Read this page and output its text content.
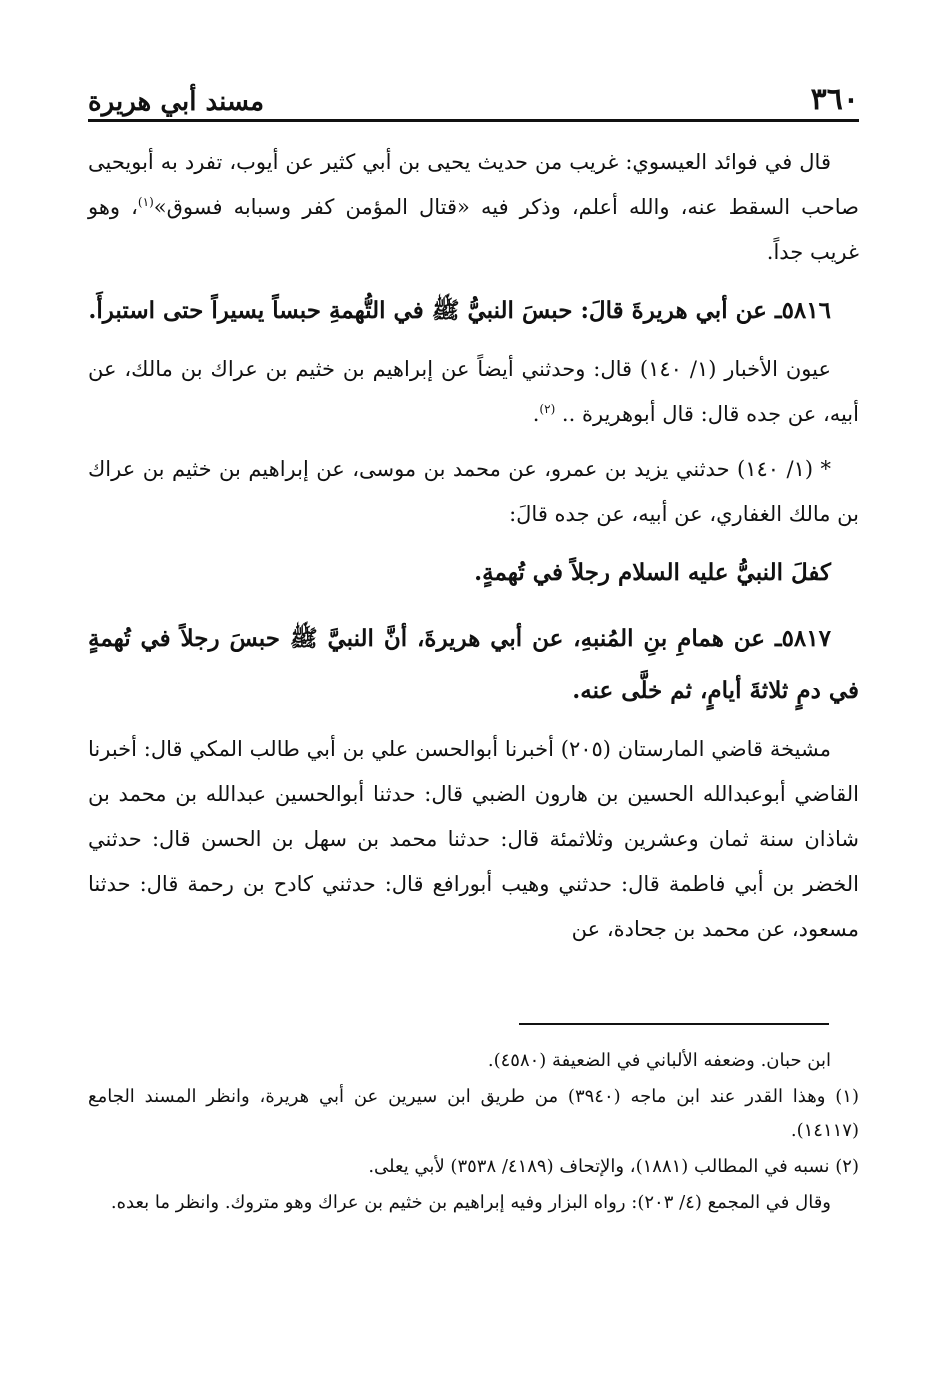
٣٦٠
مسند أبي هريرة

قال في فوائد العيسوي: غريب من حديث يحيى بن أبي كثير عن أيوب، تفرد به أبويحيى صاحب السقط عنه، والله أعلم، وذكر فيه «قتال المؤمن كفر وسبابه فسوق»$^{(١)}$، وهو غريب جداً.

٥٨١٦ـ عن أبي هريرةَ قالَ: حبسَ النبيُّ ﷺ في التُّهمةِ حبساً يسيراً حتى استبرأَ.

عيون الأخبار (١/ ١٤٠) قال: وحدثني أيضاً عن إبراهيم بن خثيم بن عراك بن مالك، عن أبيه، عن جده قال: قال أبوهريرة .. $^{(٢)}$.

* (١/ ١٤٠) حدثني يزيد بن عمرو، عن محمد بن موسى، عن إبراهيم بن خثيم بن عراك بن مالك الغفاري، عن أبيه، عن جده قالَ:

كفلَ النبيُّ عليه السلام رجلاً في تُهمةٍ.

٥٨١٧ـ عن همامِ بنِ المُنبهِ، عن أبي هريرةَ، أنَّ النبيَّ ﷺ حبسَ رجلاً في تُهمةٍ في دمٍ ثلاثةَ أيامٍ، ثم خلَّى عنه.

مشيخة قاضي المارستان (٢٠٥) أخبرنا أبوالحسن علي بن أبي طالب المكي قال: أخبرنا القاضي أبوعبدالله الحسين بن هارون الضبي قال: حدثنا أبوالحسين عبدالله بن محمد بن شاذان سنة ثمان وعشرين وثلاثمئة قال: حدثنا محمد بن سهل بن الحسن قال: حدثني الخضر بن أبي فاطمة قال: حدثني وهيب أبورافع قال: حدثني كادح بن رحمة قال: حدثنا مسعود، عن محمد بن جحادة، عن

ابن حبان. وضعفه الألباني في الضعيفة (٤٥٨٠).

(١) وهذا القدر عند ابن ماجه (٣٩٤٠) من طريق ابن سيرين عن أبي هريرة، وانظر المسند الجامع (١٤١١٧).

(٢) نسبه في المطالب (١٨٨١)، والإتحاف (٤١٨٩/ ٣٥٣٨) لأبي يعلى.

وقال في المجمع (٤/ ٢٠٣): رواه البزار وفيه إبراهيم بن خثيم بن عراك وهو متروك. وانظر ما بعده.
